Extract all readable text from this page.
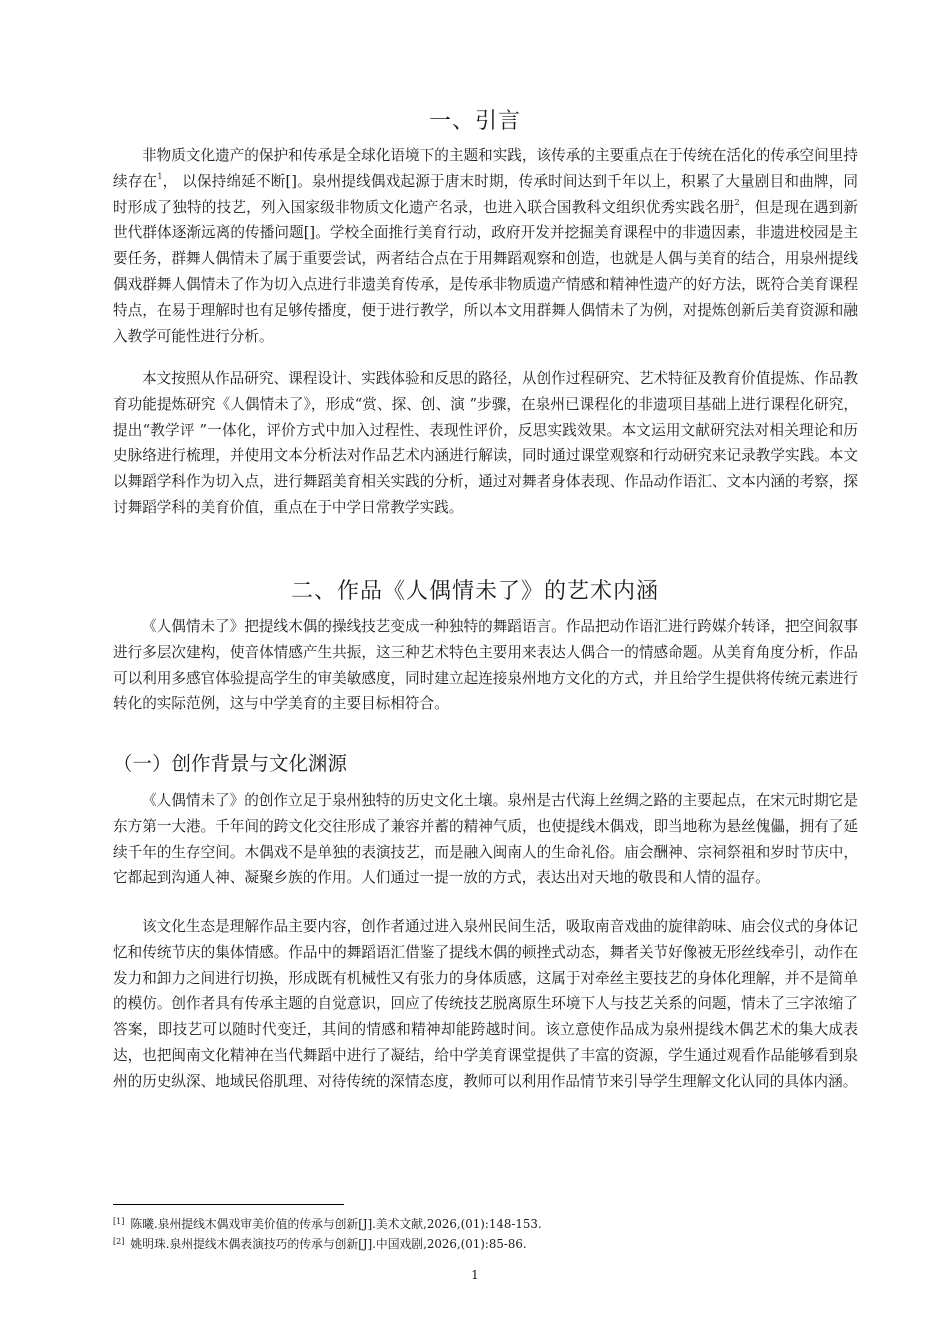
一、引言

非物质文化遗产的保护和传承是全球化语境下的主题和实践，该传承的主要重点在于传统在活化的传承空间里持续存在$^1$， 以保持绵延不断[]。泉州提线偶戏起源于唐末时期，传承时间达到千年以上，积累了大量剧目和曲牌，同时形成了独特的技艺，列入国家级非物质文化遗产名录，也进入联合国教科文组织优秀实践名册$^2$，但是现在遇到新世代群体逐渐远离的传播问题[]。学校全面推行美育行动，政府开发并挖掘美育课程中的非遗因素，非遗进校园是主要任务，群舞人偶情未了属于重要尝试，两者结合点在于用舞蹈观察和创造，也就是人偶与美育的结合，用泉州提线偶戏群舞人偶情未了作为切入点进行非遗美育传承，是传承非物质遗产情感和精神性遗产的好方法，既符合美育课程特点，在易于理解时也有足够传播度，便于进行教学，所以本文用群舞人偶情未了为例，对提炼创新后美育资源和融入教学可能性进行分析。

本文按照从作品研究、课程设计、实践体验和反思的路径，从创作过程研究、艺术特征及教育价值提炼、作品教育功能提炼研究《人偶情未了》，形成“赏、探、创、演 ”步骤，在泉州已课程化的非遗项目基础上进行课程化研究，提出“教学评 ”一体化，评价方式中加入过程性、表现性评价，反思实践效果。本文运用文献研究法对相关理论和历史脉络进行梳理，并使用文本分析法对作品艺术内涵进行解读，同时通过课堂观察和行动研究来记录教学实践。本文以舞蹈学科作为切入点，进行舞蹈美育相关实践的分析，通过对舞者身体表现、作品动作语汇、文本内涵的考察，探讨舞蹈学科的美育价值，重点在于中学日常教学实践。

二、作品《人偶情未了》的艺术内涵

《人偶情未了》把提线木偶的操线技艺变成一种独特的舞蹈语言。作品把动作语汇进行跨媒介转译，把空间叙事进行多层次建构，使音体情感产生共振，这三种艺术特色主要用来表达人偶合一的情感命题。从美育角度分析，作品可以利用多感官体验提高学生的审美敏感度，同时建立起连接泉州地方文化的方式，并且给学生提供将传统元素进行转化的实际范例，这与中学美育的主要目标相符合。

（一）创作背景与文化渊源

《人偶情未了》的创作立足于泉州独特的历史文化土壤。泉州是古代海上丝绸之路的主要起点，在宋元时期它是东方第一大港。千年间的跨文化交往形成了兼容并蓄的精神气质，也使提线木偶戏，即当地称为悬丝傀儡，拥有了延续千年的生存空间。木偶戏不是单独的表演技艺，而是融入闽南人的生命礼俗。庙会酬神、宗祠祭祖和岁时节庆中，它都起到沟通人神、凝聚乡族的作用。人们通过一提一放的方式，表达出对天地的敬畏和人情的温存。

该文化生态是理解作品主要内容，创作者通过进入泉州民间生活，吸取南音戏曲的旋律韵味、庙会仪式的身体记忆和传统节庆的集体情感。作品中的舞蹈语汇借鉴了提线木偶的顿挫式动态，舞者关节好像被无形丝线牵引，动作在发力和卸力之间进行切换，形成既有机械性又有张力的身体质感，这属于对牵丝主要技艺的身体化理解，并不是简单的模仿。创作者具有传承主题的自觉意识，回应了传统技艺脱离原生环境下人与技艺关系的问题，情未了三字浓缩了答案，即技艺可以随时代变迁，其间的情感和精神却能跨越时间。该立意使作品成为泉州提线木偶艺术的集大成表达，也把闽南文化精神在当代舞蹈中进行了凝结，给中学美育课堂提供了丰富的资源，学生通过观看作品能够看到泉州的历史纵深、地域民俗肌理、对待传统的深情态度，教师可以利用作品情节来引导学生理解文化认同的具体内涵。

[1] 陈曦.泉州提线木偶戏审美价值的传承与创新[J].美术文献,2026,(01):148-153.

[2] 姚明珠.泉州提线木偶表演技巧的传承与创新[J].中国戏剧,2026,(01):85-86.

1
